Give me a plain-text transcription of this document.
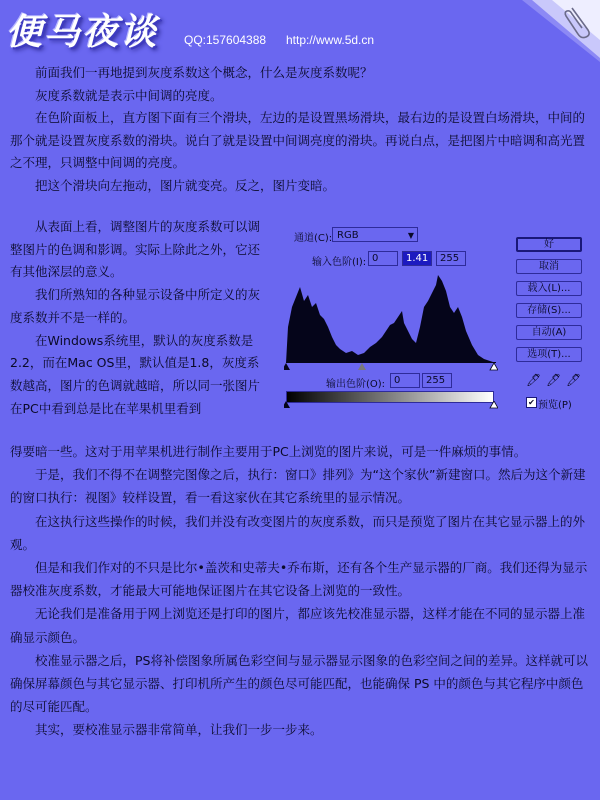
便马夜谈 QQ:157604388 http://www.5d.cn

前面我们一再地提到灰度系数这个概念，什么是灰度系数呢？

灰度系数就是表示中间调的亮度。

在色阶面板上，直方图下面有三个滑块，左边的是设置黑场滑块，最右边的是设置白场滑块，中间的那个就是设置灰度系数的滑块。说白了就是设置中间调亮度的滑块。再说白点，是把图片中暗调和高光置之不理，只调整中间调的亮度。

把这个滑块向左拖动，图片就变亮。反之，图片变暗。

从表面上看，调整图片的灰度系数可以调整图片的色调和影调。实际上除此之外，它还有其他深层的意义。

我们所熟知的各种显示设备中所定义的灰度系数并不是一样的。

在Windows系统里，默认的灰度系数是2.2，而在Mac OS里，默认值是1.8，灰度系数越高，图片的色调就越暗，所以同一张图片在PC中看到总是比在苹果机里看到

通道(C): RGB	▼
输入色阶(I): 0	1.41	255
输出色阶(O): 0	255
好
取消
载入(L)...
存储(S)...
自动(A)
选项(T)...
🖊 🖊 🖊
✔ 预览(P)

得要暗一些。这对于用苹果机进行制作主要用于PC上浏览的图片来说，可是一件麻烦的事情。

于是，我们不得不在调整完图像之后，执行：窗口》排列》为“这个家伙”新建窗口。然后为这个新建的窗口执行：视图》较样设置，看一看这家伙在其它系统里的显示情况。

在这执行这些操作的时候，我们并没有改变图片的灰度系数，而只是预览了图片在其它显示器上的外观。

但是和我们作对的不只是比尔•盖茨和史蒂夫•乔布斯，还有各个生产显示器的厂商。我们还得为显示器校准灰度系数，才能最大可能地保证图片在其它设备上浏览的一致性。

无论我们是准备用于网上浏览还是打印的图片，都应该先校准显示器，这样才能在不同的显示器上准确显示颜色。

校准显示器之后，PS将补偿图象所属色彩空间与显示器显示图象的色彩空间之间的差异。这样就可以确保屏幕颜色与其它显示器、打印机所产生的颜色尽可能匹配，也能确保 PS 中的颜色与其它程序中颜色的尽可能匹配。

其实，要校准显示器非常简单，让我们一步一步来。
